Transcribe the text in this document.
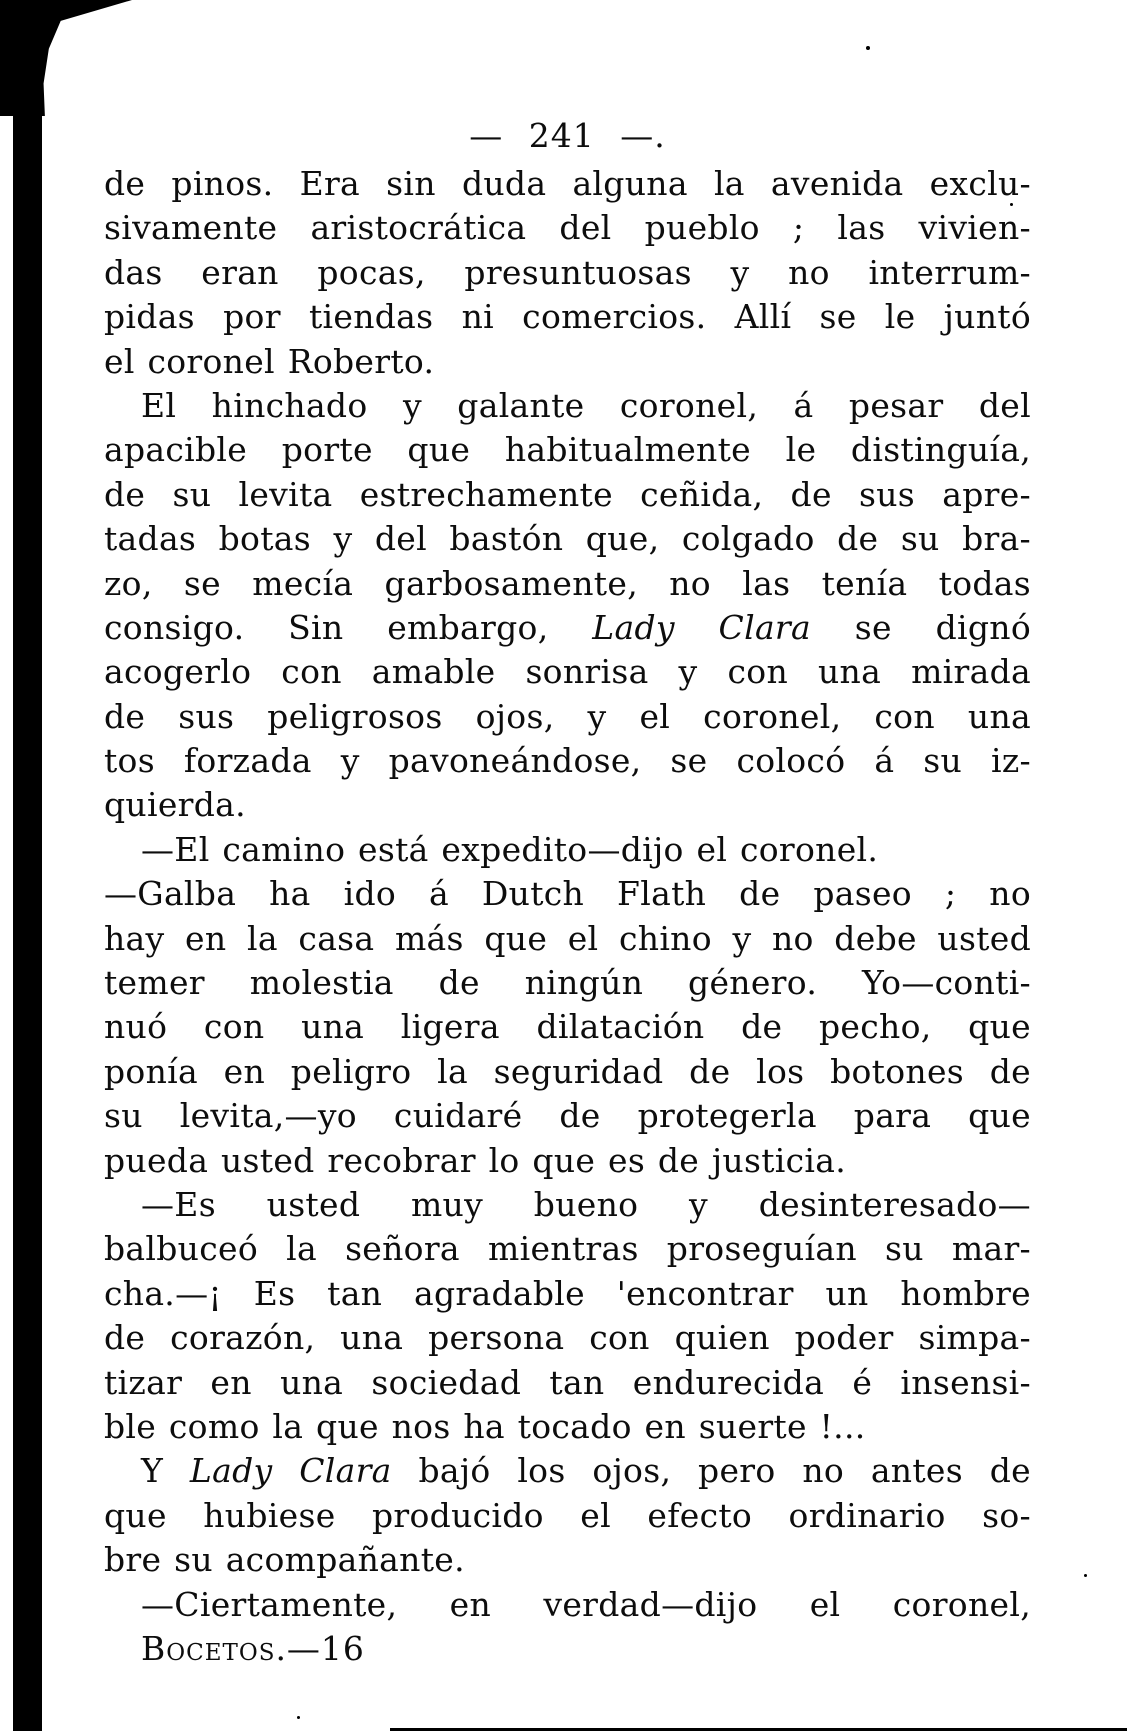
— 241 —.
de pinos. Era sin duda alguna la avenida exclu-
sivamente aristocrática del pueblo ; las vivien-
das eran pocas, presuntuosas y no interrum-
pidas por tiendas ni comercios. Allí se le juntó
el coronel Roberto.
El hinchado y galante coronel, á pesar del
apacible porte que habitualmente le distinguía,
de su levita estrechamente ceñida, de sus apre-
tadas botas y del bastón que, colgado de su bra-
zo, se mecía garbosamente, no las tenía todas
consigo. Sin embargo, Lady Clara se dignó
acogerlo con amable sonrisa y con una mirada
de sus peligrosos ojos, y el coronel, con una
tos forzada y pavoneándose, se colocó á su iz-
quierda.
—El camino está expedito—dijo el coronel.
—Galba ha ido á Dutch Flath de paseo ; no
hay en la casa más que el chino y no debe usted
temer molestia de ningún género. Yo—conti-
nuó con una ligera dilatación de pecho, que
ponía en peligro la seguridad de los botones de
su levita,—yo cuidaré de protegerla para que
pueda usted recobrar lo que es de justicia.
—Es usted muy bueno y desinteresado—
balbuceó la señora mientras proseguían su mar-
cha.—¡ Es tan agradable 'encontrar un hombre
de corazón, una persona con quien poder simpa-
tizar en una sociedad tan endurecida é insensi-
ble como la que nos ha tocado en suerte !...
Y Lady Clara bajó los ojos, pero no antes de
que hubiese producido el efecto ordinario so-
bre su acompañante.
—Ciertamente, en verdad—dijo el coronel,
Bocetos.—16
